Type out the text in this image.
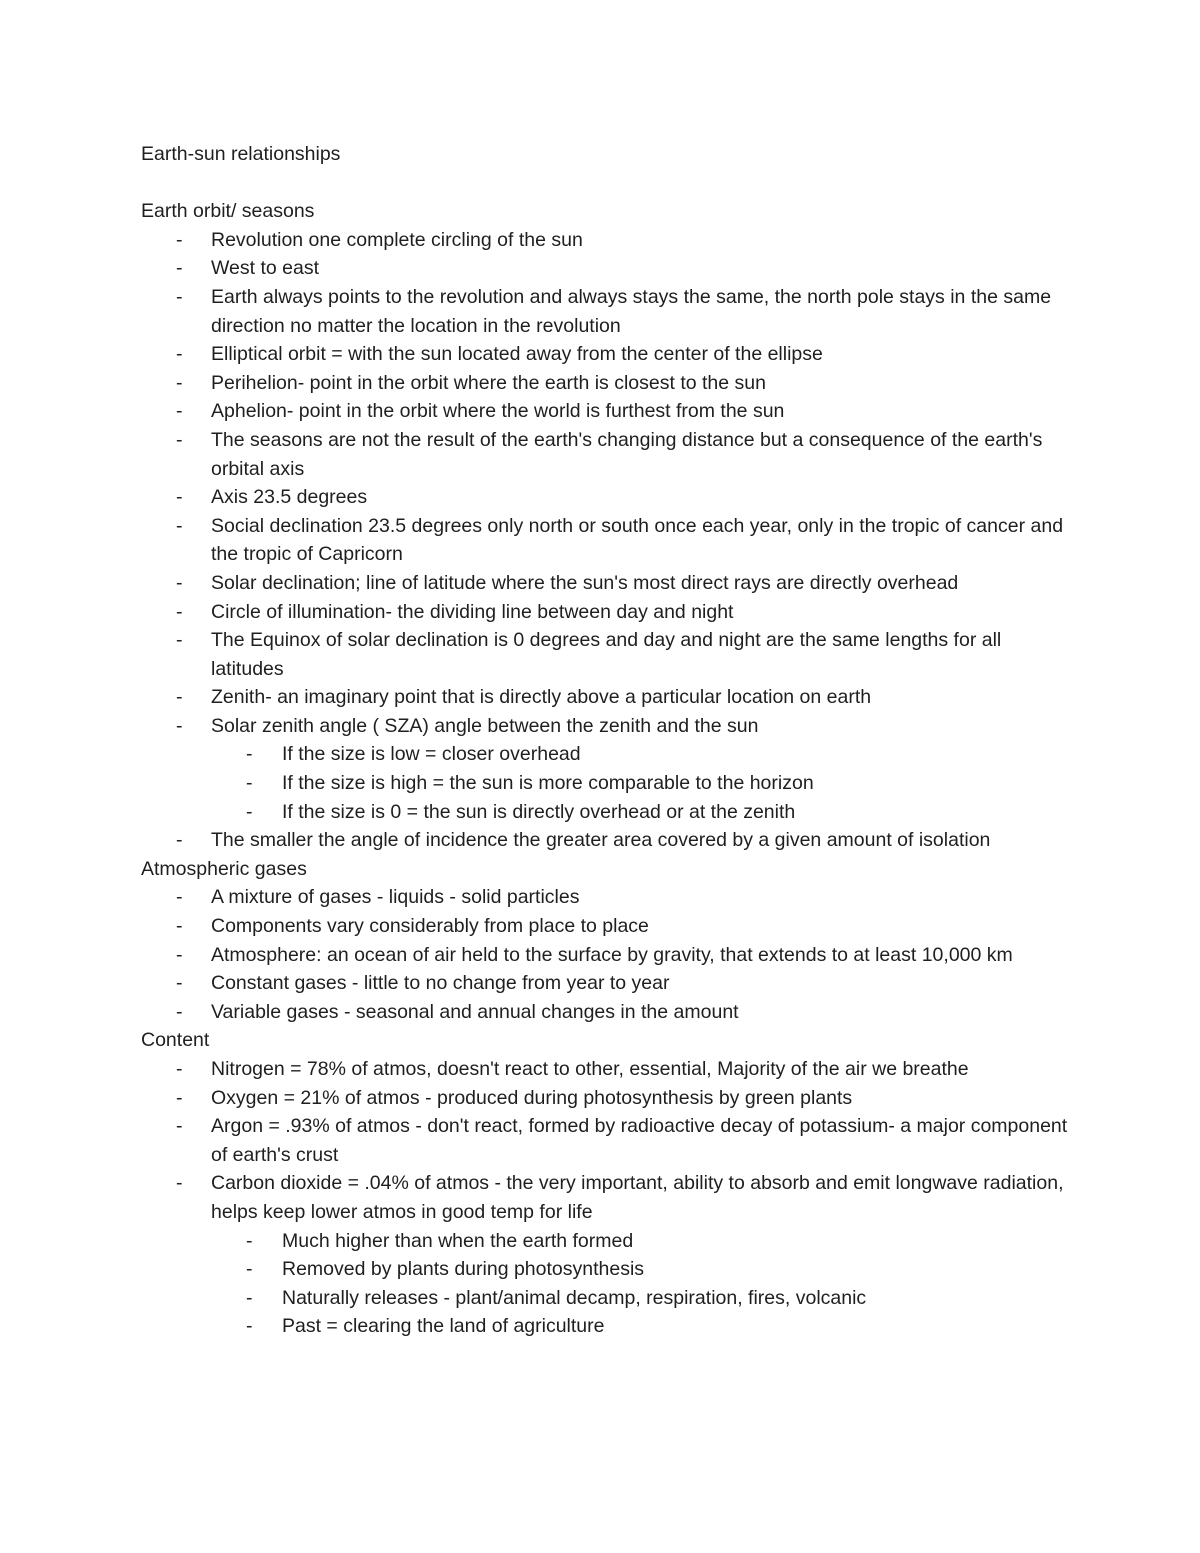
Earth-sun relationships
Earth orbit/ seasons
- Revolution one complete circling of the sun
- West to east
- Earth always points to the revolution and always stays the same, the north pole stays in the same direction no matter the location in the revolution
- Elliptical orbit = with the sun located away from the center of the ellipse
- Perihelion- point in the orbit where the earth is closest to the sun
- Aphelion- point in the orbit where the world is furthest from the sun
- The seasons are not the result of the earth's changing distance but a consequence of the earth's orbital axis
- Axis 23.5 degrees
- Social declination 23.5 degrees only north or south once each year, only in the tropic of cancer and the tropic of Capricorn
- Solar declination; line of latitude where the sun's most direct rays are directly overhead
- Circle of illumination- the dividing line between day and night
- The Equinox of solar declination is 0 degrees and day and night are the same lengths for all latitudes
- Zenith- an imaginary point that is directly above a particular location on earth
- Solar zenith angle ( SZA) angle between the zenith and the sun
- If the size is low = closer overhead
- If the size is high = the sun is more comparable to the horizon
- If the size is 0 = the sun is directly overhead or at the zenith
- The smaller the angle of incidence the greater area covered by a given amount of isolation
Atmospheric gases
- A mixture of gases - liquids - solid particles
- Components vary considerably from place to place
- Atmosphere: an ocean of air held to the surface by gravity, that extends to at least 10,000 km
- Constant gases - little to no change from year to year
- Variable gases - seasonal and annual changes in the amount
Content
- Nitrogen = 78% of atmos, doesn't react to other, essential, Majority of the air we breathe
- Oxygen = 21% of atmos - produced during photosynthesis by green plants
- Argon = .93% of atmos - don't react, formed by radioactive decay of potassium- a major component of earth's crust
- Carbon dioxide = .04% of atmos - the very important, ability to absorb and emit longwave radiation, helps keep lower atmos in good temp for life
- Much higher than when the earth formed
- Removed by plants during photosynthesis
- Naturally releases - plant/animal decamp, respiration, fires, volcanic
- Past = clearing the land of agriculture
